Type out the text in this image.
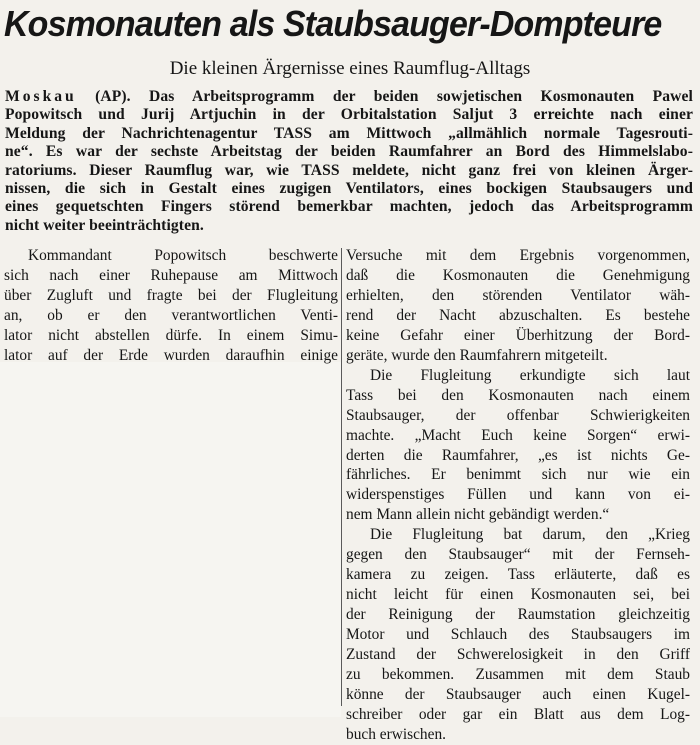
Kosmonauten als Staubsauger-Dompteure
Die kleinen Ärgernisse eines Raumflug-Alltags
Moskau (AP). Das Arbeitsprogramm der beiden sowjetischen Kosmonauten Pawel
Popowitsch und Jurij Artjuchin in der Orbitalstation Saljut 3 erreichte nach einer
Meldung der Nachrichtenagentur TASS am Mittwoch „allmählich normale Tagesrouti-
ne“. Es war der sechste Arbeitstag der beiden Raumfahrer an Bord des Himmelslabo-
ratoriums. Dieser Raumflug war, wie TASS meldete, nicht ganz frei von kleinen Ärger-
nissen, die sich in Gestalt eines zugigen Ventilators, eines bockigen Staubsaugers und
eines gequetschten Fingers störend bemerkbar machten, jedoch das Arbeitsprogramm
nicht weiter beeinträchtigten.
Kommandant Popowitsch beschwerte
sich nach einer Ruhepause am Mittwoch
über Zugluft und fragte bei der Flugleitung
an, ob er den verantwortlichen Venti-
lator nicht abstellen dürfe. In einem Simu-
lator auf der Erde wurden daraufhin einige
Versuche mit dem Ergebnis vorgenommen,
daß die Kosmonauten die Genehmigung
erhielten, den störenden Ventilator wäh-
rend der Nacht abzuschalten. Es bestehe
keine Gefahr einer Überhitzung der Bord-
geräte, wurde den Raumfahrern mitgeteilt.
Die Flugleitung erkundigte sich laut
Tass bei den Kosmonauten nach einem
Staubsauger, der offenbar Schwierigkeiten
machte. „Macht Euch keine Sorgen“ erwi-
derten die Raumfahrer, „es ist nichts Ge-
fährliches. Er benimmt sich nur wie ein
widerspenstiges Füllen und kann von ei-
nem Mann allein nicht gebändigt werden.“
Die Flugleitung bat darum, den „Krieg
gegen den Staubsauger“ mit der Fernseh-
kamera zu zeigen. Tass erläuterte, daß es
nicht leicht für einen Kosmonauten sei, bei
der Reinigung der Raumstation gleichzeitig
Motor und Schlauch des Staubsaugers im
Zustand der Schwerelosigkeit in den Griff
zu bekommen. Zusammen mit dem Staub
könne der Staubsauger auch einen Kugel-
schreiber oder gar ein Blatt aus dem Log-
buch erwischen.
